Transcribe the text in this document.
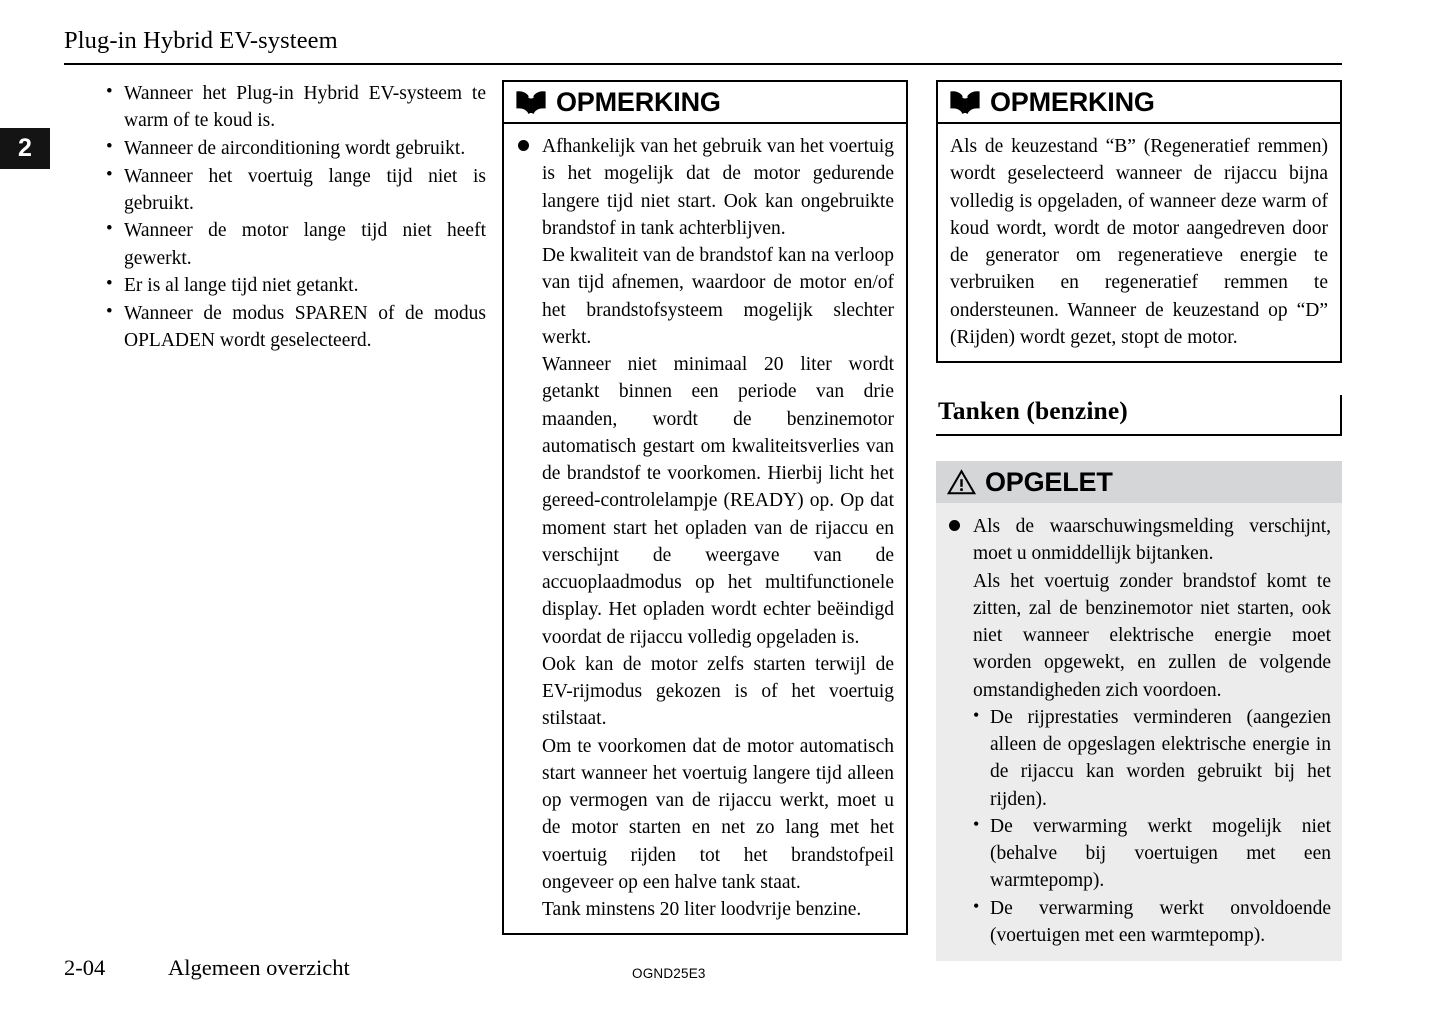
Plug-in Hybrid EV-systeem
2
• Wanneer het Plug-in Hybrid EV-systeem te warm of te koud is.
• Wanneer de airconditioning wordt gebruikt.
• Wanneer het voertuig lange tijd niet is gebruikt.
• Wanneer de motor lange tijd niet heeft gewerkt.
• Er is al lange tijd niet getankt.
• Wanneer de modus SPAREN of de modus OPLADEN wordt geselecteerd.
OPMERKING

Afhankelijk van het gebruik van het voertuig is het mogelijk dat de motor gedurende langere tijd niet start. Ook kan ongebruikte brandstof in tank achterblijven.

De kwaliteit van de brandstof kan na verloop van tijd afnemen, waardoor de motor en/of het brandstofsysteem mogelijk slechter werkt.

Wanneer niet minimaal 20 liter wordt getankt binnen een periode van drie maanden, wordt de benzinemotor automatisch gestart om kwaliteitsverlies van de brandstof te voorkomen. Hierbij licht het gereed-controlelampje (READY) op. Op dat moment start het opladen van de rijaccu en verschijnt de weergave van de accuoplaadmodus op het multifunctionele display. Het opladen wordt echter beëindigd voordat de rijaccu volledig opgeladen is.

Ook kan de motor zelfs starten terwijl de EV-rijmodus gekozen is of het voertuig stilstaat.

Om te voorkomen dat de motor automatisch start wanneer het voertuig langere tijd alleen op vermogen van de rijaccu werkt, moet u de motor starten en net zo lang met het voertuig rijden tot het brandstofpeil ongeveer op een halve tank staat.

Tank minstens 20 liter loodvrije benzine.

OPMERKING

Als de keuzestand “B” (Regeneratief remmen) wordt geselecteerd wanneer de rijaccu bijna volledig is opgeladen, of wanneer deze warm of koud wordt, wordt de motor aangedreven door de generator om regeneratieve energie te verbruiken en regeneratief remmen te ondersteunen. Wanneer de keuzestand op “D” (Rijden) wordt gezet, stopt de motor.

Tanken (benzine)
OPGELET

Als de waarschuwingsmelding verschijnt, moet u onmiddellijk bijtanken.

Als het voertuig zonder brandstof komt te zitten, zal de benzinemotor niet starten, ook niet wanneer elektrische energie moet worden opgewekt, en zullen de volgende omstandigheden zich voordoen.

• De rijprestaties verminderen (aangezien alleen de opgeslagen elektrische energie in de rijaccu kan worden gebruikt bij het rijden).
• De verwarming werkt mogelijk niet (behalve bij voertuigen met een warmtepomp).
• De verwarming werkt onvoldoende (voertuigen met een warmtepomp).
2-04	Algemeen overzicht	OGND25E3
